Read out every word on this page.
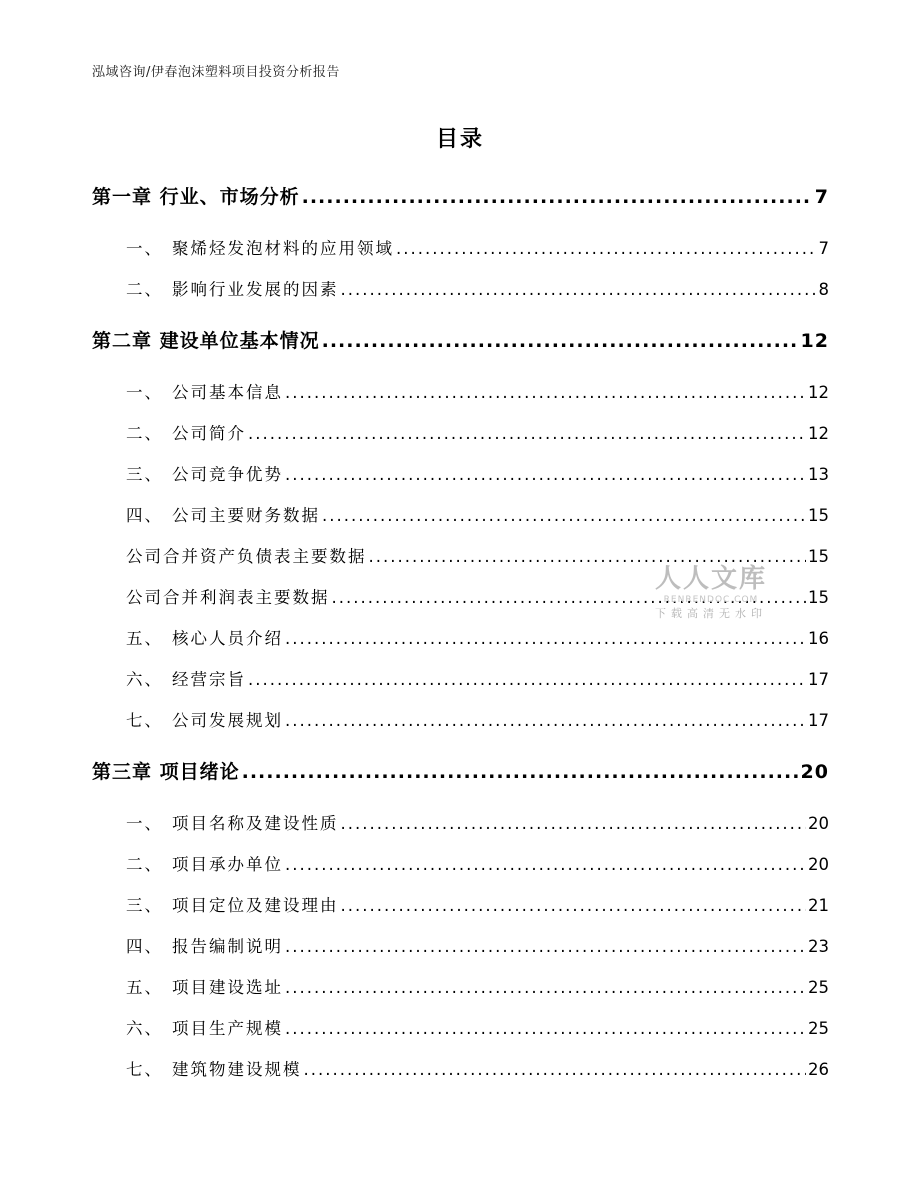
泓域咨询/伊春泡沫塑料项目投资分析报告
目录
第一章 行业、市场分析 .....	7
一、 聚烯烃发泡材料的应用领域 .....	7
二、 影响行业发展的因素 .....	8
第二章 建设单位基本情况 .....	12
一、 公司基本信息 .....	12
二、 公司简介 .....	12
三、 公司竞争优势 .....	13
四、 公司主要财务数据 .....	15
公司合并资产负债表主要数据 .....	15
公司合并利润表主要数据 .....	15
五、 核心人员介绍 .....	16
六、 经营宗旨 .....	17
七、 公司发展规划 .....	17
第三章 项目绪论 .....	20
一、 项目名称及建设性质 .....	20
二、 项目承办单位 .....	20
三、 项目定位及建设理由 .....	21
四、 报告编制说明 .....	23
五、 项目建设选址 .....	25
六、 项目生产规模 .....	25
七、 建筑物建设规模 .....	26
人人文库
RENRENDOC.COM
下载高清无水印
